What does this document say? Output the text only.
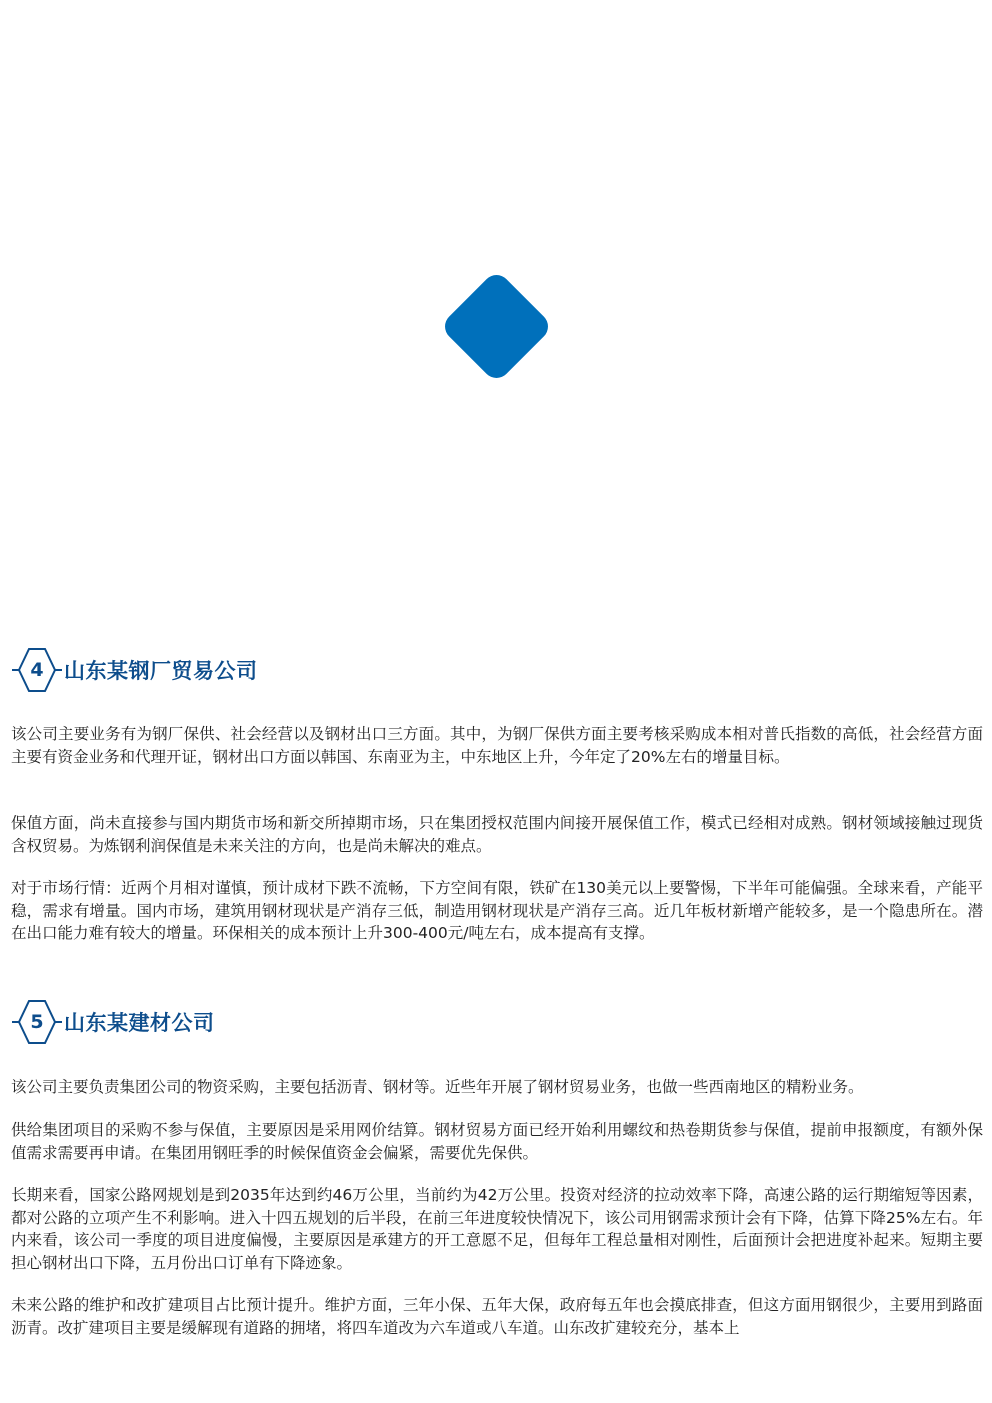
4 山东某钢厂贸易公司

该公司主要业务有为钢厂保供、社会经营以及钢材出口三方面。其中，为钢厂保供方面主要考核采购成本相对普氏指数的高低，社会经营方面主要有资金业务和代理开证，钢材出口方面以韩国、东南亚为主，中东地区上升，今年定了20%左右的增量目标。

保值方面，尚未直接参与国内期货市场和新交所掉期市场，只在集团授权范围内间接开展保值工作，模式已经相对成熟。钢材领域接触过现货含权贸易。为炼钢利润保值是未来关注的方向，也是尚未解决的难点。

对于市场行情：近两个月相对谨慎，预计成材下跌不流畅，下方空间有限，铁矿在130美元以上要警惕，下半年可能偏强。全球来看，产能平稳，需求有增量。国内市场，建筑用钢材现状是产消存三低，制造用钢材现状是产消存三高。近几年板材新增产能较多，是一个隐患所在。潜在出口能力难有较大的增量。环保相关的成本预计上升300-400元/吨左右，成本提高有支撑。

5 山东某建材公司

该公司主要负责集团公司的物资采购，主要包括沥青、钢材等。近些年开展了钢材贸易业务，也做一些西南地区的精粉业务。

供给集团项目的采购不参与保值，主要原因是采用网价结算。钢材贸易方面已经开始利用螺纹和热卷期货参与保值，提前申报额度，有额外保值需求需要再申请。在集团用钢旺季的时候保值资金会偏紧，需要优先保供。

长期来看，国家公路网规划是到2035年达到约46万公里，当前约为42万公里。投资对经济的拉动效率下降，高速公路的运行期缩短等因素，都对公路的立项产生不利影响。进入十四五规划的后半段，在前三年进度较快情况下，该公司用钢需求预计会有下降，估算下降25%左右。年内来看，该公司一季度的项目进度偏慢，主要原因是承建方的开工意愿不足，但每年工程总量相对刚性，后面预计会把进度补起来。短期主要担心钢材出口下降，五月份出口订单有下降迹象。

未来公路的维护和改扩建项目占比预计提升。维护方面，三年小保、五年大保，政府每五年也会摸底排查，但这方面用钢很少，主要用到路面沥青。改扩建项目主要是缓解现有道路的拥堵，将四车道改为六车道或八车道。山东改扩建较充分，基本上
